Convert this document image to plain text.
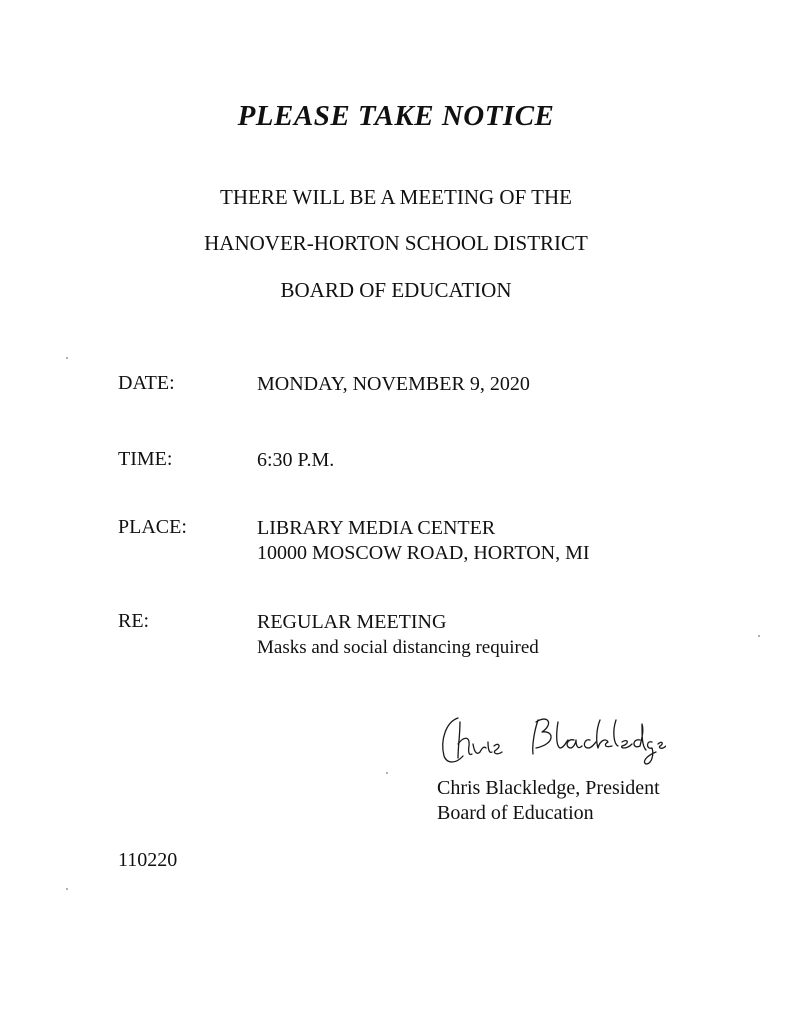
PLEASE TAKE NOTICE
THERE WILL BE A MEETING OF THE
HANOVER-HORTON SCHOOL DISTRICT
BOARD OF EDUCATION
DATE:	MONDAY, NOVEMBER 9, 2020
TIME:	6:30 P.M.
PLACE:	LIBRARY MEDIA CENTER
10000 MOSCOW ROAD, HORTON, MI
RE:	REGULAR MEETING
Masks and social distancing required
Chris Blackledge, President
Board of Education
110220
